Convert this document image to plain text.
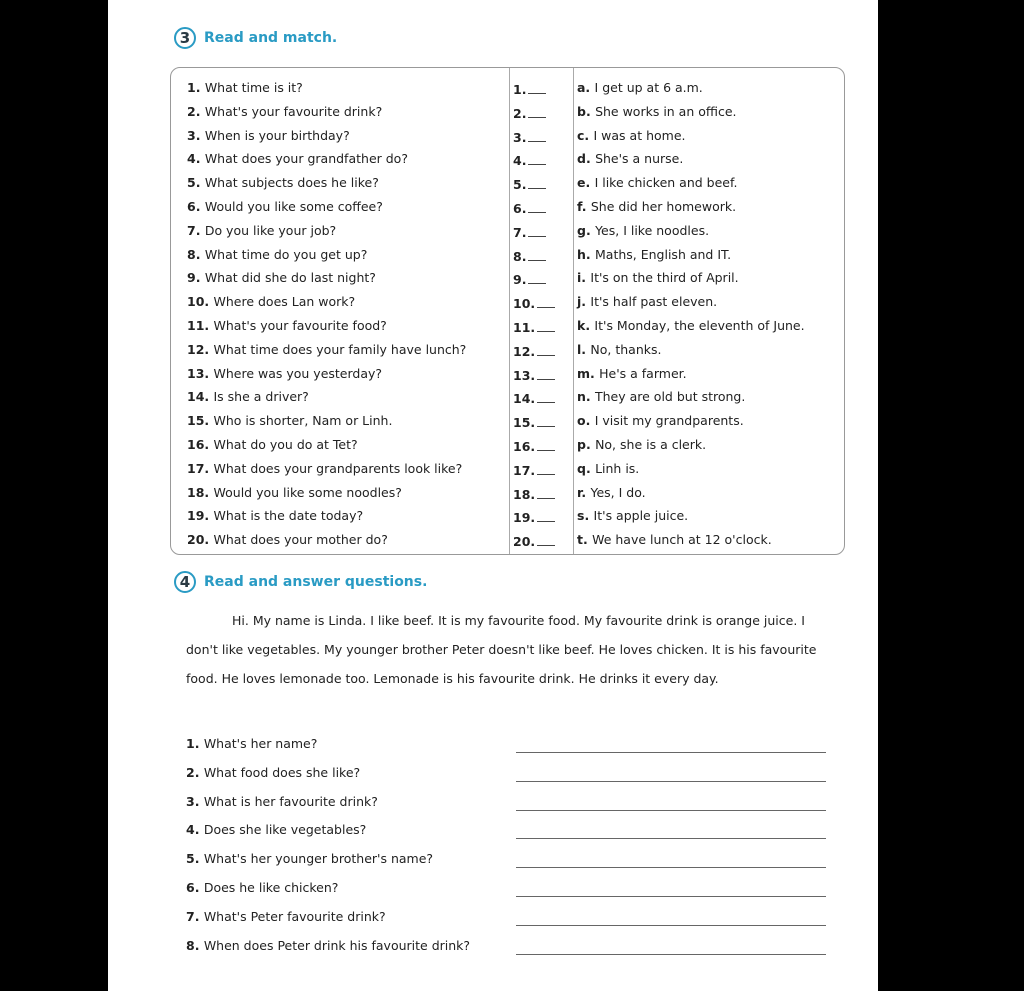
3 Read and match.
1. What time is it?	1.	a. I get up at 6 a.m.
2. What's your favourite drink?	2.	b. She works in an office.
3. When is your birthday?	3.	c. I was at home.
4. What does your grandfather do?	4.	d. She's a nurse.
5. What subjects does he like?	5.	e. I like chicken and beef.
6. Would you like some coffee?	6.	f. She did her homework.
7. Do you like your job?	7.	g. Yes, I like noodles.
8. What time do you get up?	8.	h. Maths, English and IT.
9. What did she do last night?	9.	i. It's on the third of April.
10. Where does Lan work?	10.	j. It's half past eleven.
11. What's your favourite food?	11.	k. It's Monday, the eleventh of June.
12. What time does your family have lunch?	12.	l. No, thanks.
13. Where was you yesterday?	13.	m. He's a farmer.
14. Is she a driver?	14.	n. They are old but strong.
15. Who is shorter, Nam or Linh.	15.	o. I visit my grandparents.
16. What do you do at Tet?	16.	p. No, she is a clerk.
17. What does your grandparents look like?	17.	q. Linh is.
18. Would you like some noodles?	18.	r. Yes, I do.
19. What is the date today?	19.	s. It's apple juice.
20. What does your mother do?	20.	t. We have lunch at 12 o'clock.
4 Read and answer questions.
Hi. My name is Linda. I like beef. It is my favourite food. My favourite drink is orange juice. I don't like vegetables. My younger brother Peter doesn't like beef. He loves chicken. It is his favourite food. He loves lemonade too. Lemonade is his favourite drink. He drinks it every day.
1. What's her name?
2. What food does she like?
3. What is her favourite drink?
4. Does she like vegetables?
5. What's her younger brother's name?
6. Does he like chicken?
7. What's Peter favourite drink?
8. When does Peter drink his favourite drink?
